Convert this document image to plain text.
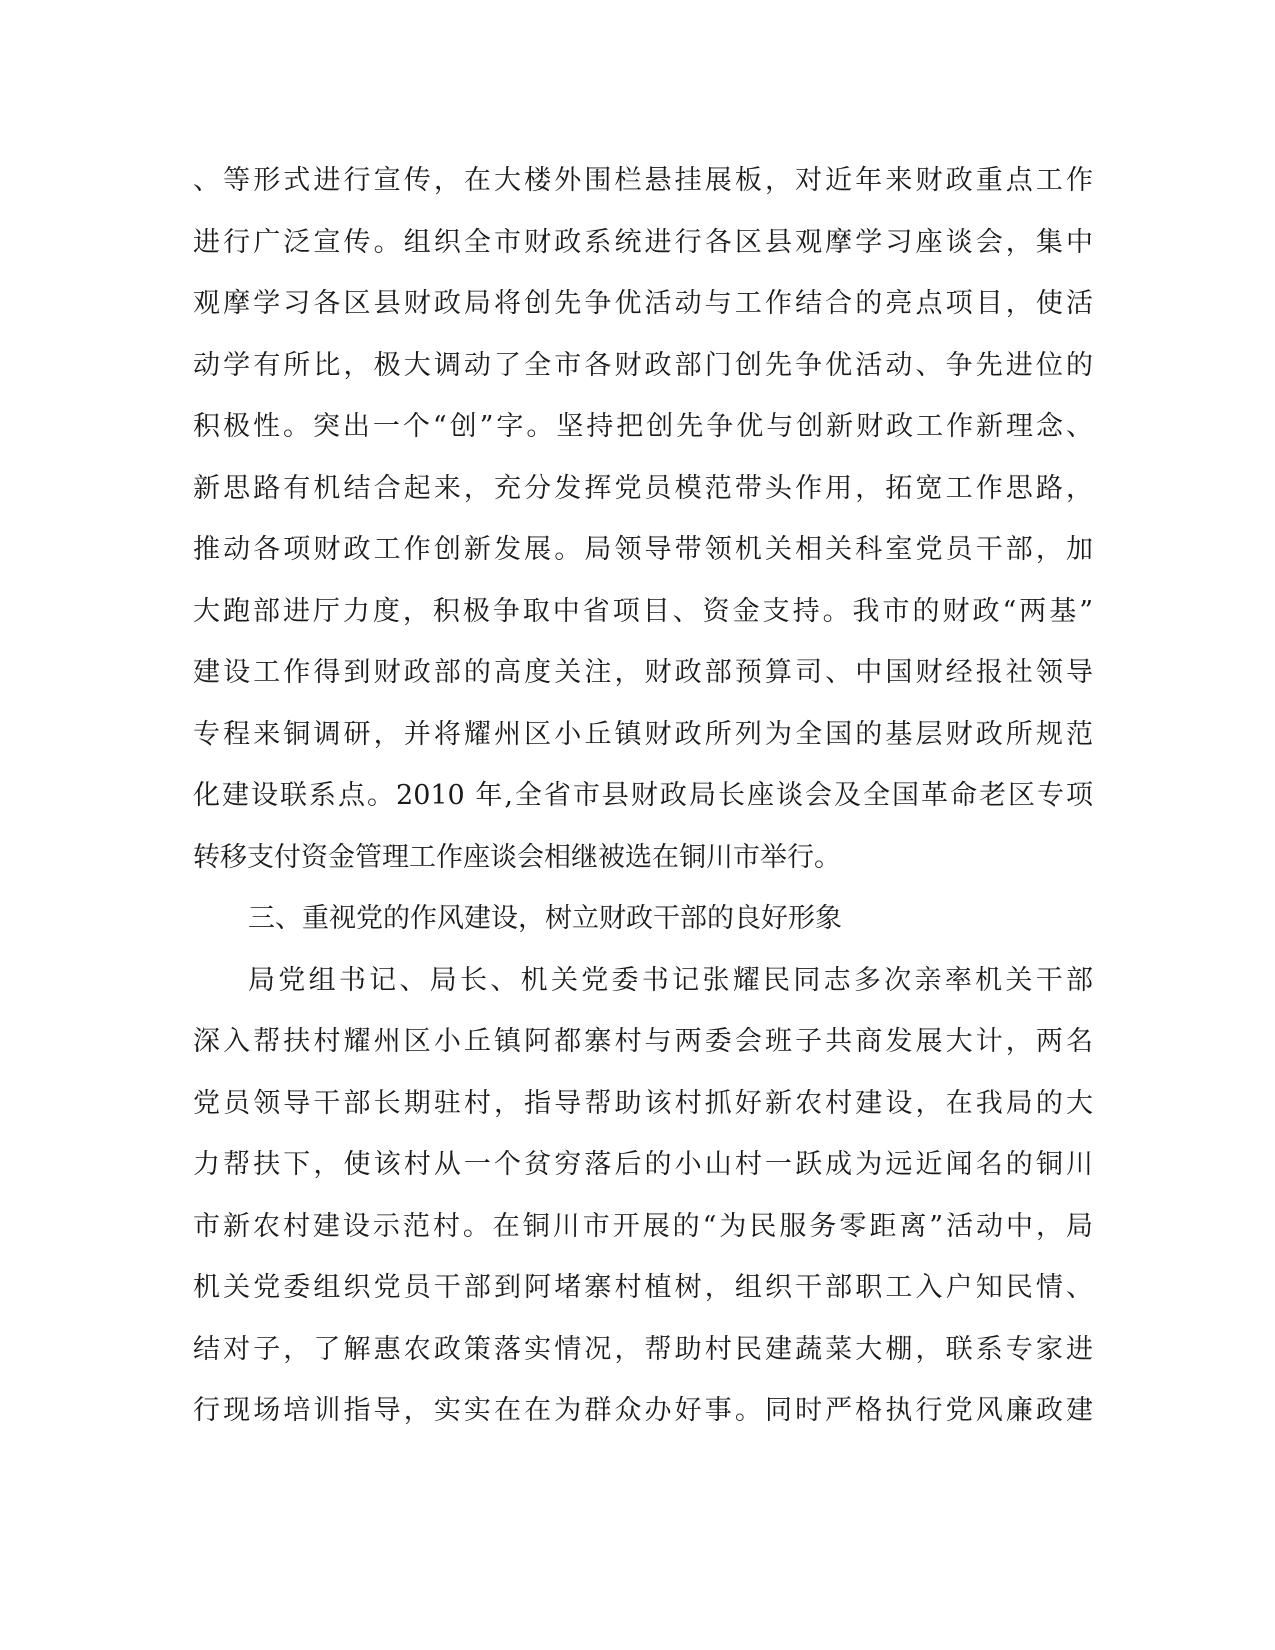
、等形式进行宣传，在大楼外围栏悬挂展板，对近年来财政重点工作
进行广泛宣传。组织全市财政系统进行各区县观摩学习座谈会，集中
观摩学习各区县财政局将创先争优活动与工作结合的亮点项目，使活
动学有所比，极大调动了全市各财政部门创先争优活动、争先进位的
积极性。突出一个“创”字。坚持把创先争优与创新财政工作新理念、
新思路有机结合起来，充分发挥党员模范带头作用，拓宽工作思路，
推动各项财政工作创新发展。局领导带领机关相关科室党员干部，加
大跑部进厅力度，积极争取中省项目、资金支持。我市的财政“两基”
建设工作得到财政部的高度关注，财政部预算司、中国财经报社领导
专程来铜调研，并将耀州区小丘镇财政所列为全国的基层财政所规范
化建设联系点。2010 年,全省市县财政局长座谈会及全国革命老区专项
转移支付资金管理工作座谈会相继被选在铜川市举行。
三、重视党的作风建设，树立财政干部的良好形象
局党组书记、局长、机关党委书记张耀民同志多次亲率机关干部
深入帮扶村耀州区小丘镇阿都寨村与两委会班子共商发展大计，两名
党员领导干部长期驻村，指导帮助该村抓好新农村建设，在我局的大
力帮扶下，使该村从一个贫穷落后的小山村一跃成为远近闻名的铜川
市新农村建设示范村。在铜川市开展的“为民服务零距离”活动中，局
机关党委组织党员干部到阿堵寨村植树，组织干部职工入户知民情、
结对子，了解惠农政策落实情况，帮助村民建蔬菜大棚，联系专家进
行现场培训指导，实实在在为群众办好事。同时严格执行党风廉政建
